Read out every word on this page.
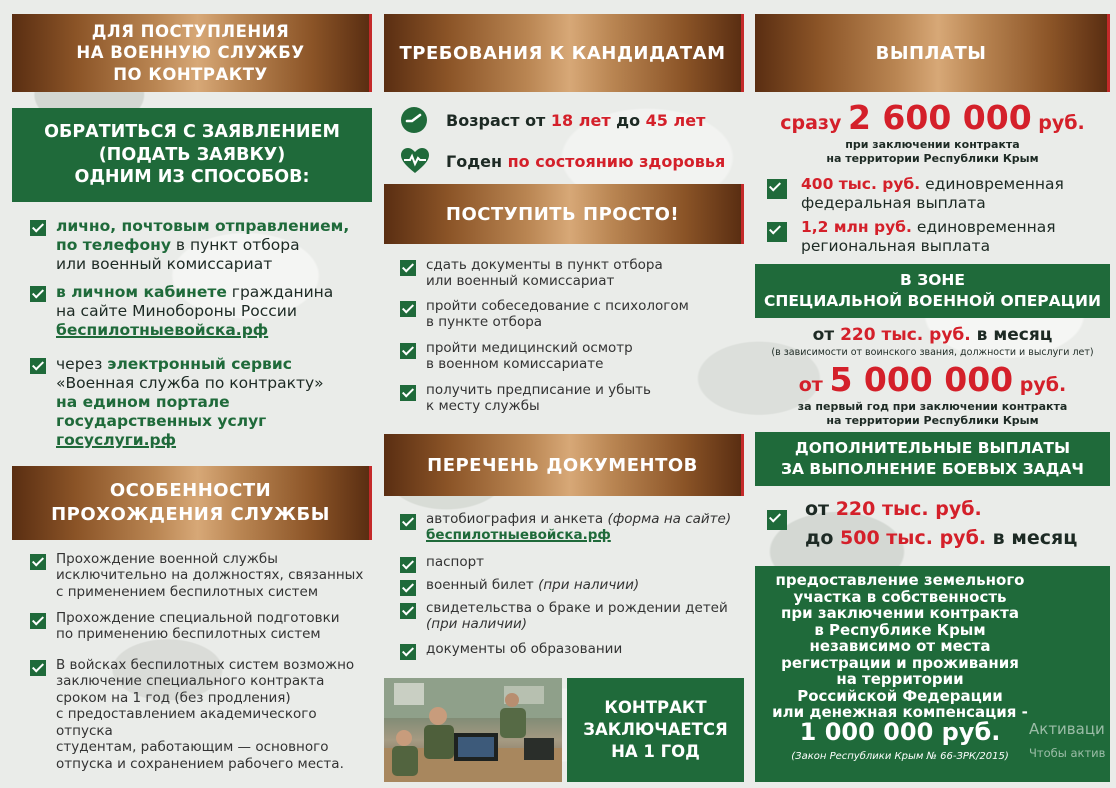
ДЛЯ ПОСТУПЛЕНИЯ
НА ВОЕННУЮ СЛУЖБУ
ПО КОНТРАКТУ
ОБРАТИТЬСЯ С ЗАЯВЛЕНИЕМ
(ПОДАТЬ ЗАЯВКУ)
ОДНИМ ИЗ СПОСОБОВ:
лично, почтовым отправлением,
по телефону в пункт отбора
или военный комиссариат
в личном кабинете гражданина
на сайте Минобороны России
беспилотныевойска.рф
через электронный сервис
«Военная служба по контракту»
на едином портале
государственных услуг
госуслуги.рф
ОСОБЕННОСТИ
ПРОХОЖДЕНИЯ СЛУЖБЫ
Прохождение военной службы
исключительно на должностях, связанных
с применением беспилотных систем
Прохождение специальной подготовки
по применению беспилотных систем
В войсках беспилотных систем возможно
заключение специального контракта
сроком на 1 год (без продления)
с предоставлением академического отпуска
студентам, работающим — основного
отпуска и сохранением рабочего места.
ТРЕБОВАНИЯ К КАНДИДАТАМ
Возраст от 18 лет до 45 лет
Годен по состоянию здоровья
ПОСТУПИТЬ ПРОСТО!
сдать документы в пункт отбора
или военный комиссариат
пройти собеседование с психологом
в пункте отбора
пройти медицинский осмотр
в военном комиссариате
получить предписание и убыть
к месту службы
ПЕРЕЧЕНЬ ДОКУМЕНТОВ
автобиография и анкета (форма на сайте)
беспилотныевойска.рф
паспорт
военный билет (при наличии)
свидетельства о браке и рождении детей
(при наличии)
документы об образовании
КОНТРАКТ
ЗАКЛЮЧАЕТСЯ
НА 1 ГОД
ВЫПЛАТЫ
сразу 2 600 000 руб.
при заключении контракта
на территории Республики Крым
400 тыс. руб. единовременная
федеральная выплата
1,2 млн руб. единовременная
региональная выплата
В ЗОНЕ
СПЕЦИАЛЬНОЙ ВОЕННОЙ ОПЕРАЦИИ
от 220 тыс. руб. в месяц
(в зависимости от воинского звания, должности и выслуги лет)
от 5 000 000 руб.
за первый год при заключении контракта
на территории Республики Крым
ДОПОЛНИТЕЛЬНЫЕ ВЫПЛАТЫ
ЗА ВЫПОЛНЕНИЕ БОЕВЫХ ЗАДАЧ
от 220 тыс. руб.
до 500 тыс. руб. в месяц
предоставление земельного
участка в собственность
при заключении контракта
в Республике Крым
независимо от места
регистрации и проживания
на территории
Российской Федерации
или денежная компенсация -
1 000 000 руб.
(Закон Республики Крым № 66-ЗРК/2015)
Активаци
Чтобы актив
